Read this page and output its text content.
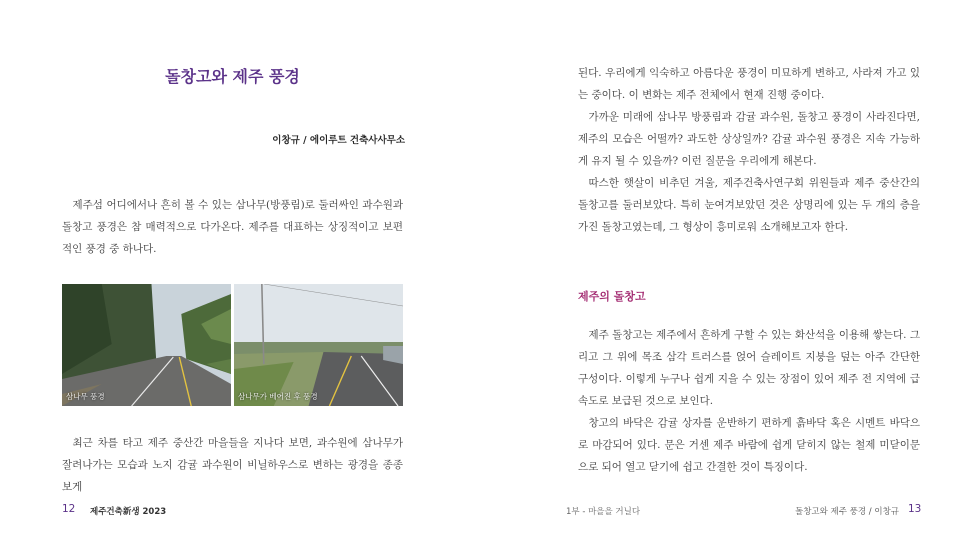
돌창고와 제주 풍경
이창규 / 에이루트 건축사사무소

제주섬 어디에서나 흔히 볼 수 있는 삼나무(방풍림)로 둘러싸인 과수원과 돌창고 풍경은 참 매력적으로 다가온다. 제주를 대표하는 상징적이고 보편적인 풍경 중 하나다.

삼나무 풍경	삼나무가 베어진 후 풍경

최근 차를 타고 제주 중산간 마을들을 지나다 보면, 과수원에 삼나무가 잘려나가는 모습과 노지 감귤 과수원이 비닐하우스로 변하는 광경을 종종 보게

12 제주건축新생 2023

된다. 우리에게 익숙하고 아름다운 풍경이 미묘하게 변하고, 사라져 가고 있는 중이다. 이 변화는 제주 전체에서 현재 진행 중이다.

가까운 미래에 삼나무 방풍림과 감귤 과수원, 돌창고 풍경이 사라진다면, 제주의 모습은 어떨까? 과도한 상상일까? 감귤 과수원 풍경은 지속 가능하게 유지 될 수 있을까? 이런 질문을 우리에게 해본다.

따스한 햇살이 비추던 겨울, 제주건축사연구회 위원들과 제주 중산간의 돌창고를 둘러보았다. 특히 눈여겨보았던 것은 상명리에 있는 두 개의 층을 가진 돌창고였는데, 그 형상이 흥미로워 소개해보고자 한다.

제주의 돌창고

제주 돌창고는 제주에서 흔하게 구할 수 있는 화산석을 이용해 쌓는다. 그리고 그 위에 목조 삼각 트러스를 얹어 슬레이트 지붕을 덮는 아주 간단한 구성이다. 이렇게 누구나 쉽게 지을 수 있는 장점이 있어 제주 전 지역에 급속도로 보급된 것으로 보인다.

창고의 바닥은 감귤 상자를 운반하기 편하게 흙바닥 혹은 시멘트 바닥으로 마감되어 있다. 문은 거센 제주 바람에 쉽게 닫히지 않는 철제 미닫이문으로 되어 열고 닫기에 쉽고 간결한 것이 특징이다.

1부 - 마을을 거닐다	돌창고와 제주 풍경 / 이창규 13
